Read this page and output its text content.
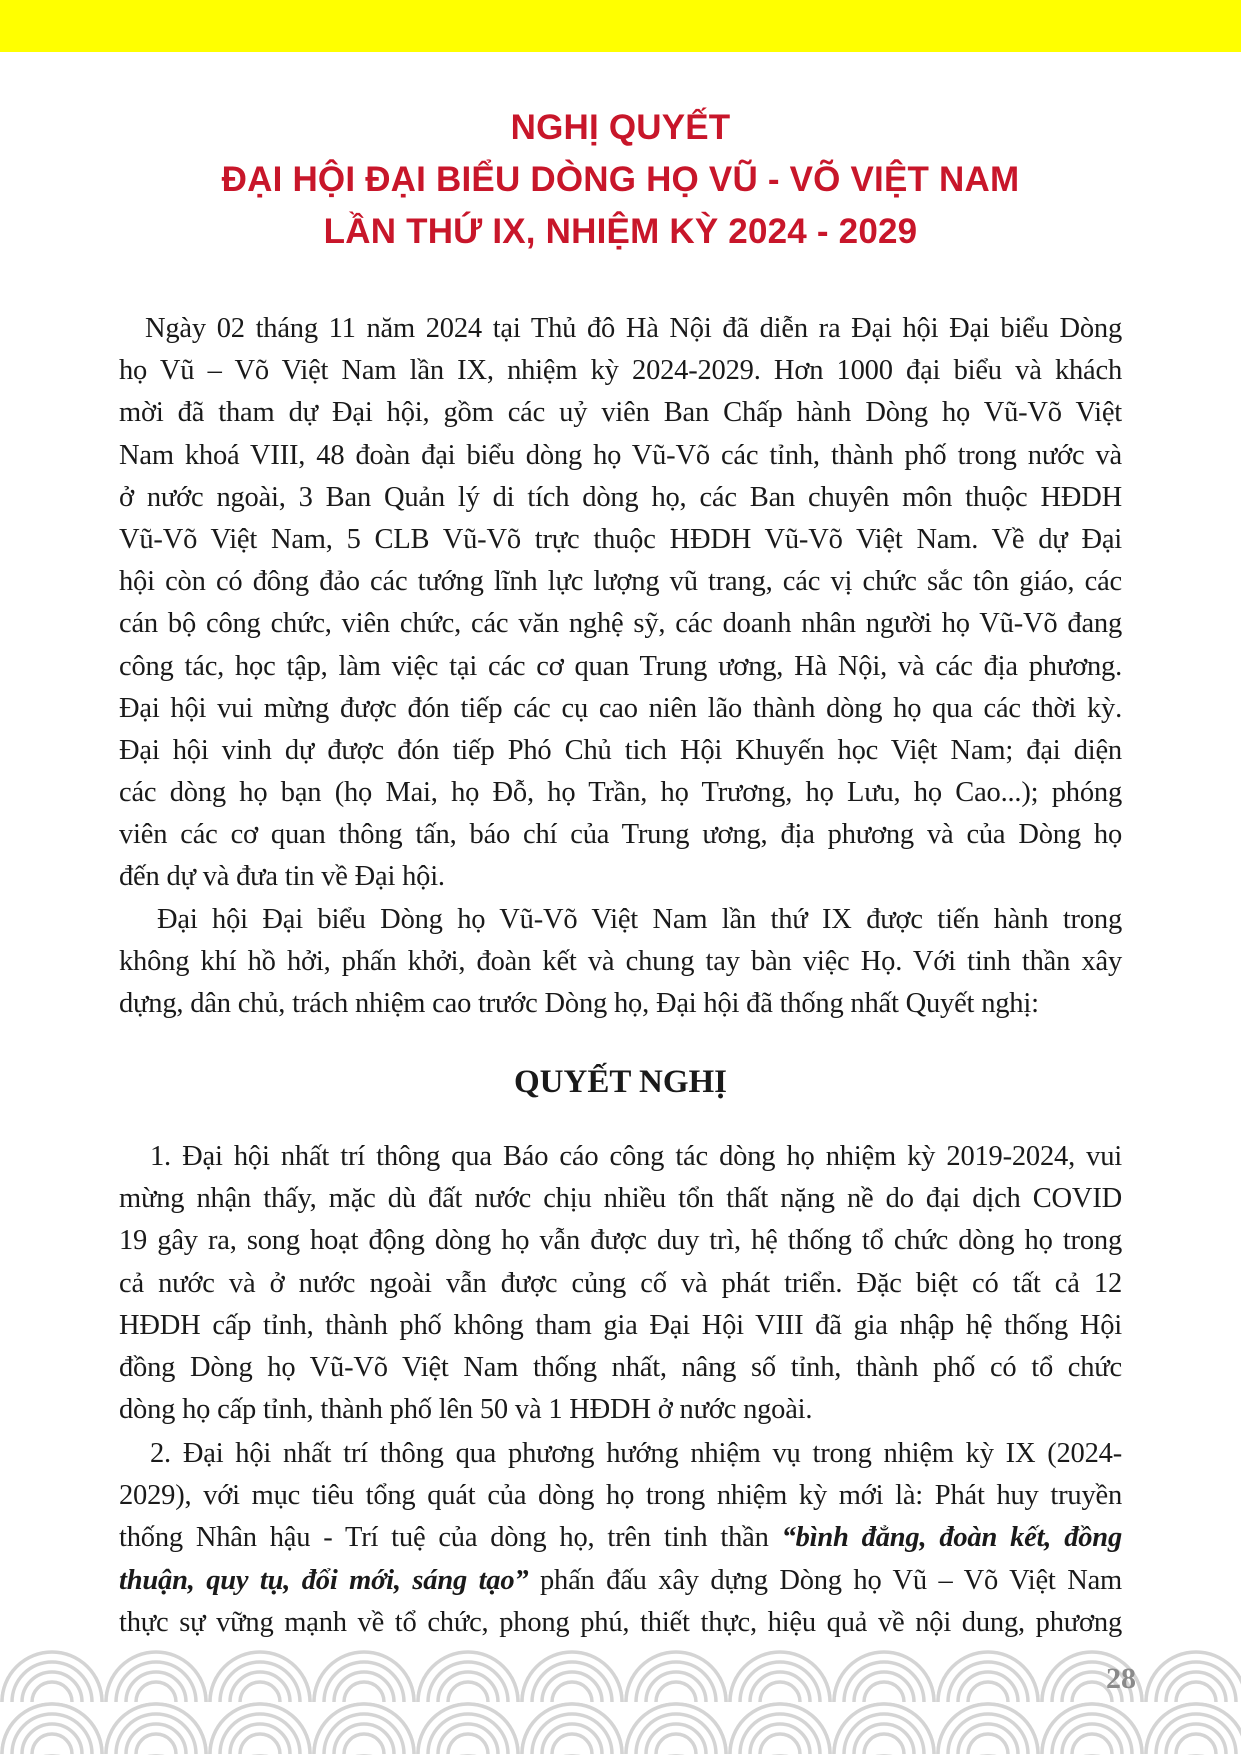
NGHỊ QUYẾT
ĐẠI HỘI ĐẠI BIỂU DÒNG HỌ VŨ - VÕ VIỆT NAM
LẦN THỨ IX, NHIỆM KỲ 2024 - 2029
Ngày 02 tháng 11 năm 2024 tại Thủ đô Hà Nội đã diễn ra Đại hội Đại biểu Dòng
họ Vũ – Võ Việt Nam lần IX, nhiệm kỳ 2024-2029. Hơn 1000 đại biểu và khách
mời đã tham dự Đại hội, gồm các uỷ viên Ban Chấp hành Dòng họ Vũ-Võ Việt
Nam khoá VIII, 48 đoàn đại biểu dòng họ Vũ-Võ các tỉnh, thành phố trong nước và
ở nước ngoài, 3 Ban Quản lý di tích dòng họ, các Ban chuyên môn thuộc HĐDH
Vũ-Võ Việt Nam, 5 CLB Vũ-Võ trực thuộc HĐDH Vũ-Võ Việt Nam. Về dự Đại
hội còn có đông đảo các tướng lĩnh lực lượng vũ trang, các vị chức sắc tôn giáo, các
cán bộ công chức, viên chức, các văn nghệ sỹ, các doanh nhân người họ Vũ-Võ đang
công tác, học tập, làm việc tại các cơ quan Trung ương, Hà Nội, và các địa phương.
Đại hội vui mừng được đón tiếp các cụ cao niên lão thành dòng họ qua các thời kỳ.
Đại hội vinh dự được đón tiếp Phó Chủ tich Hội Khuyến học Việt Nam; đại diện
các dòng họ bạn (họ Mai, họ Đỗ, họ Trần, họ Trương, họ Lưu, họ Cao...); phóng
viên các cơ quan thông tấn, báo chí của Trung ương, địa phương và của Dòng họ
đến dự và đưa tin về Đại hội.
Đại hội Đại biểu Dòng họ Vũ-Võ Việt Nam lần thứ IX được tiến hành trong
không khí hồ hởi, phấn khởi, đoàn kết và chung tay bàn việc Họ. Với tinh thần xây
dựng, dân chủ, trách nhiệm cao trước Dòng họ, Đại hội đã thống nhất Quyết nghị:
QUYẾT NGHỊ
1. Đại hội nhất trí thông qua Báo cáo công tác dòng họ nhiệm kỳ 2019-2024, vui
mừng nhận thấy, mặc dù đất nước chịu nhiều tổn thất nặng nề do đại dịch COVID
19 gây ra, song hoạt động dòng họ vẫn được duy trì, hệ thống tổ chức dòng họ trong
cả nước và ở nước ngoài vẫn được củng cố và phát triển. Đặc biệt có tất cả 12
HĐDH cấp tỉnh, thành phố không tham gia Đại Hội VIII đã gia nhập hệ thống Hội
đồng Dòng họ Vũ-Võ Việt Nam thống nhất, nâng số tỉnh, thành phố có tổ chức
dòng họ cấp tỉnh, thành phố lên 50 và 1 HĐDH ở nước ngoài.
2. Đại hội nhất trí thông qua phương hướng nhiệm vụ trong nhiệm kỳ IX (2024-
2029), với mục tiêu tổng quát của dòng họ trong nhiệm kỳ mới là: Phát huy truyền
thống Nhân hậu - Trí tuệ của dòng họ, trên tinh thần “bình đẳng, đoàn kết, đồng
thuận, quy tụ, đổi mới, sáng tạo” phấn đấu xây dựng Dòng họ Vũ – Võ Việt Nam
thực sự vững mạnh về tổ chức, phong phú, thiết thực, hiệu quả về nội dung, phương
28
